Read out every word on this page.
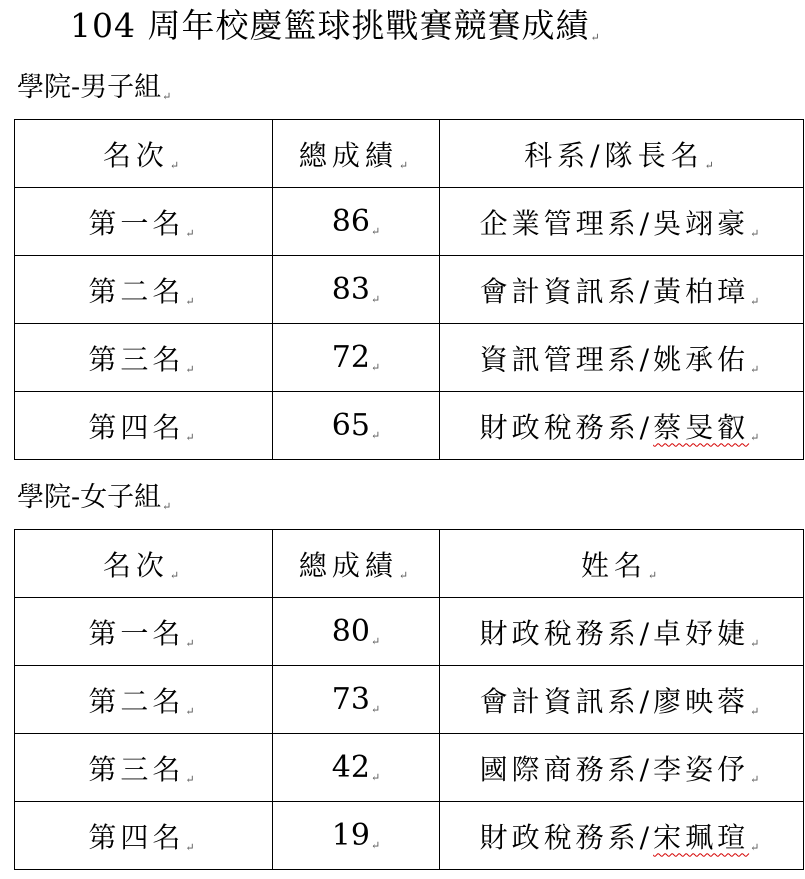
104 周年校慶籃球挑戰賽競賽成績↵
學院-男子組↵
名次↵	總成績↵	科系/隊長名↵
第一名↵	86↵	企業管理系/吳翊豪↵
第二名↵	83↵	會計資訊系/黃柏璋↵
第三名↵	72↵	資訊管理系/姚承佑↵
第四名↵	65↵	財政稅務系/蔡旻叡↵
學院-女子組↵
名次↵	總成績↵	姓名↵
第一名↵	80↵	財政稅務系/卓妤婕↵
第二名↵	73↵	會計資訊系/廖映蓉↵
第三名↵	42↵	國際商務系/李姿伃↵
第四名↵	19↵	財政稅務系/宋珮瑄↵
